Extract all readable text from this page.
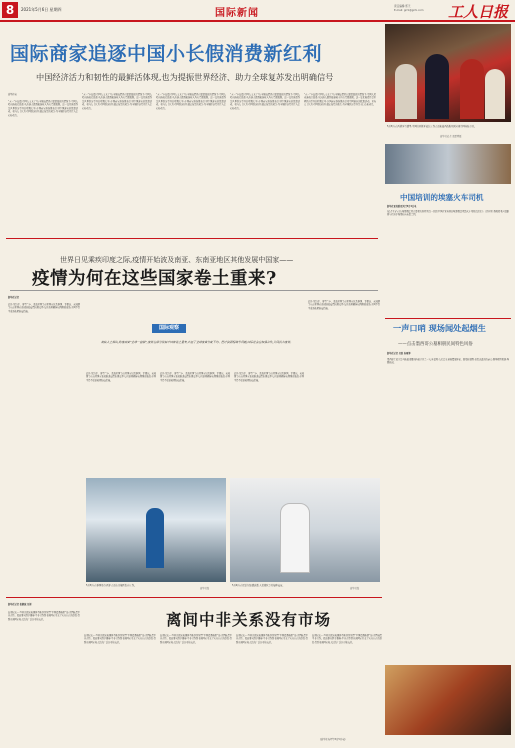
8	2021年5月6日 星期四	国际新闻
责任编辑:郑天
E-mail: grrb@grrb.com 工人日报
国际商家追逐中国小长假消费新红利
中国经济活力和韧性的最鲜活体现,也为提振世界经济、助力全球复苏发出明确信号
新华社电
“五一”小长假,中国人又来了!在全球疫情仍在肆虐蔓延的情况下,中国人境内游热度高涨,从出游人数到旅游收入均有亮眼表现。这一变化被看作是世界经济复苏的积极信号,多国商家纷纷推出针对中国游客的优惠活动。业内人士认为,中国经济持续稳定恢复的势头,为全球经济复苏注入信心和动力。
“五一”小长假,中国人又来了!在全球疫情仍在肆虐蔓延的情况下,中国人境内游热度高涨,从出游人数到旅游收入均有亮眼表现。这一变化被看作是世界经济复苏的积极信号,多国商家纷纷推出针对中国游客的优惠活动。业内人士认为,中国经济持续稳定恢复的势头,为全球经济复苏注入信心和动力。
“五一”小长假,中国人又来了!在全球疫情仍在肆虐蔓延的情况下,中国人境内游热度高涨,从出游人数到旅游收入均有亮眼表现。这一变化被看作是世界经济复苏的积极信号,多国商家纷纷推出针对中国游客的优惠活动。业内人士认为,中国经济持续稳定恢复的势头,为全球经济复苏注入信心和动力。
“五一”小长假,中国人又来了!在全球疫情仍在肆虐蔓延的情况下,中国人境内游热度高涨,从出游人数到旅游收入均有亮眼表现。这一变化被看作是世界经济复苏的积极信号,多国商家纷纷推出针对中国游客的优惠活动。业内人士认为,中国经济持续稳定恢复的势头,为全球经济复苏注入信心和动力。
“五一”小长假,中国人又来了!在全球疫情仍在肆虐蔓延的情况下,中国人境内游热度高涨,从出游人数到旅游收入均有亮眼表现。这一变化被看作是世界经济复苏的积极信号,多国商家纷纷推出针对中国游客的优惠活动。业内人士认为,中国经济持续稳定恢复的势头,为全球经济复苏注入信心和动力。
5月3日,在西班牙马德里,中国驻西班牙使馆工作人员和旅西侨胞共同庆祝中国传统节日。
新华社记者 孟鼎博摄
中国培训的埃塞火车司机
新华社亚的斯亚贝巴5月4日电
(记者王守宝)在埃塞俄比亚首都亚的斯亚贝巴,一批由中国企业培训的埃塞俄比亚籍火车司机已经走上工作岗位,驾驶着亚吉铁路列车往返于埃塞和吉布提之间。
世界日见乘疾印度之际,疫情开始波及南亚、东南亚地区其他发展中国家——
疫情为何在这些国家卷土重来?
新华社记者
近日,尼泊尔、斯里兰卡、孟加拉国等南亚国家以及泰国、菲律宾、柬埔寨等东南亚国家新冠肺炎疫情出现反弹,每日新增确诊病例屡创新高,多国不得不重新收紧防疫措施。
国际观察
观察人士指出,防疫需要“全球一盘棋”,疫情在部分发展中国家卷土重来,凸显了全球疫苗分配不均、医疗资源短缺等问题,国际社会应加强合作,共同抗击疫情。
近日,尼泊尔、斯里兰卡、孟加拉国等南亚国家以及泰国、菲律宾、柬埔寨等东南亚国家新冠肺炎疫情出现反弹,每日新增确诊病例屡创新高,多国不得不重新收紧防疫措施。
近日,尼泊尔、斯里兰卡、孟加拉国等南亚国家以及泰国、菲律宾、柬埔寨等东南亚国家新冠肺炎疫情出现反弹,每日新增确诊病例屡创新高,多国不得不重新收紧防疫措施。
近日,尼泊尔、斯里兰卡、孟加拉国等南亚国家以及泰国、菲律宾、柬埔寨等东南亚国家新冠肺炎疫情出现反弹,每日新增确诊病例屡创新高,多国不得不重新收紧防疫措施。
近日,尼泊尔、斯里兰卡、孟加拉国等南亚国家以及泰国、菲律宾、柬埔寨等东南亚国家新冠肺炎疫情出现反弹,每日新增确诊病例屡创新高,多国不得不重新收紧防疫措施。
5月3日,在泰国曼谷,医护人员在方舱医院内工作。
新华社发
5月4日,在尼泊尔加德满都,人们排队等待接种疫苗。
新华社发
一声口哨 现场闻处起烟生
——点击墨西哥公墓相册民间特色风俗
新华社记者 吴笛 朱雨博
墨西哥亡灵节是当地最重要的传统节日之一,每年此时,人们会在墓地摆放鲜花、蜡烛和食物,以纪念逝去的亲人,现场烟雾缭绕,场面热闹。
离间中非关系没有市场
新华社记者 张健斌 吴倩
长期以来,一些西方政客和媒体不断炒作所谓“中国债务陷阱”论,企图抹黑中非合作。然而事实胜于雄辩,中非合作给非洲国家带来了实实在在的好处,得到非洲国家和人民的广泛认可和支持。
长期以来,一些西方政客和媒体不断炒作所谓“中国债务陷阱”论,企图抹黑中非合作。然而事实胜于雄辩,中非合作给非洲国家带来了实实在在的好处,得到非洲国家和人民的广泛认可和支持。
长期以来,一些西方政客和媒体不断炒作所谓“中国债务陷阱”论,企图抹黑中非合作。然而事实胜于雄辩,中非合作给非洲国家带来了实实在在的好处,得到非洲国家和人民的广泛认可和支持。
长期以来,一些西方政客和媒体不断炒作所谓“中国债务陷阱”论,企图抹黑中非合作。然而事实胜于雄辩,中非合作给非洲国家带来了实实在在的好处,得到非洲国家和人民的广泛认可和支持。
长期以来,一些西方政客和媒体不断炒作所谓“中国债务陷阱”论,企图抹黑中非合作。然而事实胜于雄辩,中非合作给非洲国家带来了实实在在的好处,得到非洲国家和人民的广泛认可和支持。
(新华社内罗毕5月5日电)
